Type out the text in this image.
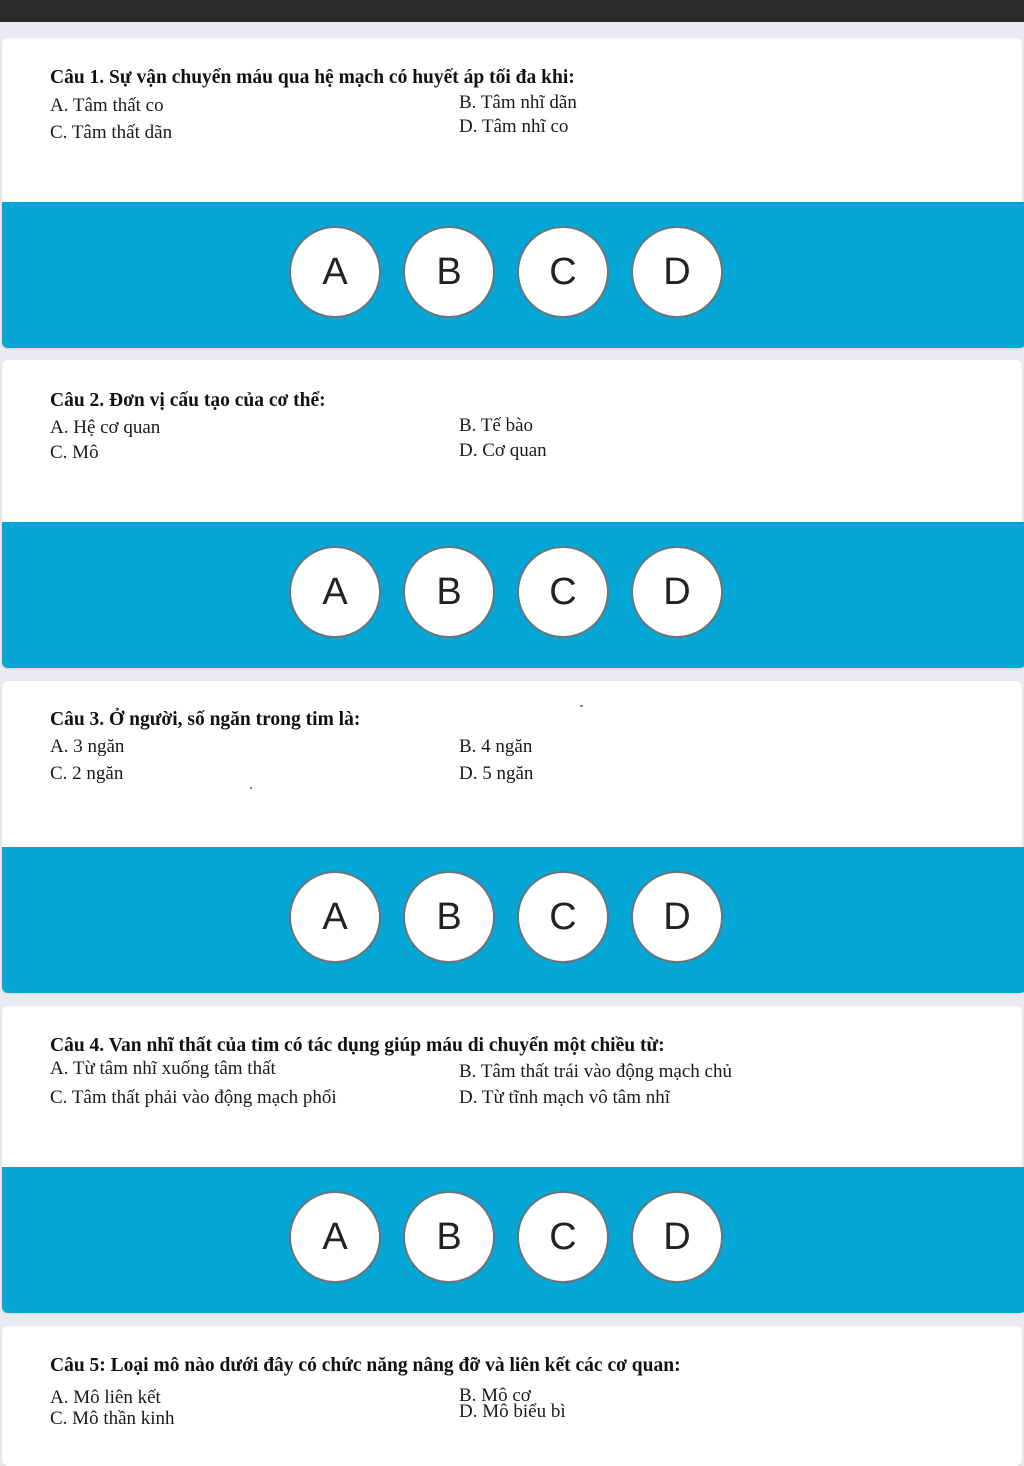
Câu 1. Sự vận chuyển máu qua hệ mạch có huyết áp tối đa khi:
A. Tâm thất co	B. Tâm nhĩ dãn
C. Tâm thất dãn	D. Tâm nhĩ co
A	B	C	D
Câu 2. Đơn vị cấu tạo của cơ thể:
A. Hệ cơ quan	B. Tế bào
C. Mô	D. Cơ quan
A	B	C	D
Câu 3. Ở người, số ngăn trong tim là:
A. 3 ngăn	B. 4 ngăn
C. 2 ngăn	D. 5 ngăn
A	B	C	D
Câu 4. Van nhĩ thất của tim có tác dụng giúp máu di chuyển một chiều từ:
A. Từ tâm nhĩ xuống tâm thất	B. Tâm thất trái vào động mạch chủ
C. Tâm thất phải vào động mạch phổi	D. Từ tĩnh mạch vô tâm nhĩ
A	B	C	D
Câu 5: Loại mô nào dưới đây có chức năng nâng đỡ và liên kết các cơ quan:
A. Mô liên kết	B. Mô cơ
C. Mô thần kinh	D. Mô biểu bì
